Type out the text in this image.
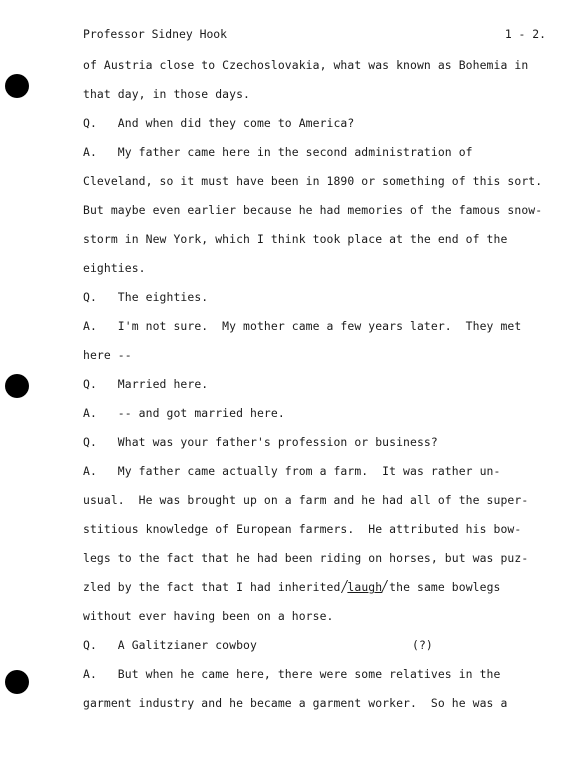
Professor Sidney Hook	1 - 2.
of Austria close to Czechoslovakia, what was known as Bohemia in
that day, in those days.
Q.   And when did they come to America?
A.   My father came here in the second administration of
Cleveland, so it must have been in 1890 or something of this sort.
But maybe even earlier because he had memories of the famous snow-
storm in New York, which I think took place at the end of the
eighties.
Q.   The eighties.
A.   I'm not sure.  My mother came a few years later.  They met
here --
Q.   Married here.
A.   -- and got married here.
Q.   What was your father's profession or business?
A.   My father came actually from a farm.  It was rather un-
usual.  He was brought up on a farm and he had all of the super-
stitious knowledge of European farmers.  He attributed his bow-
legs to the fact that he had been riding on horses, but was puz-
zled by the fact that I had inherited laugh the same bowlegs
without ever having been on a horse.
Q.   A Galitzianer cowboy	(?)
A.   But when he came here, there were some relatives in the
garment industry and he became a garment worker.  So he was a
